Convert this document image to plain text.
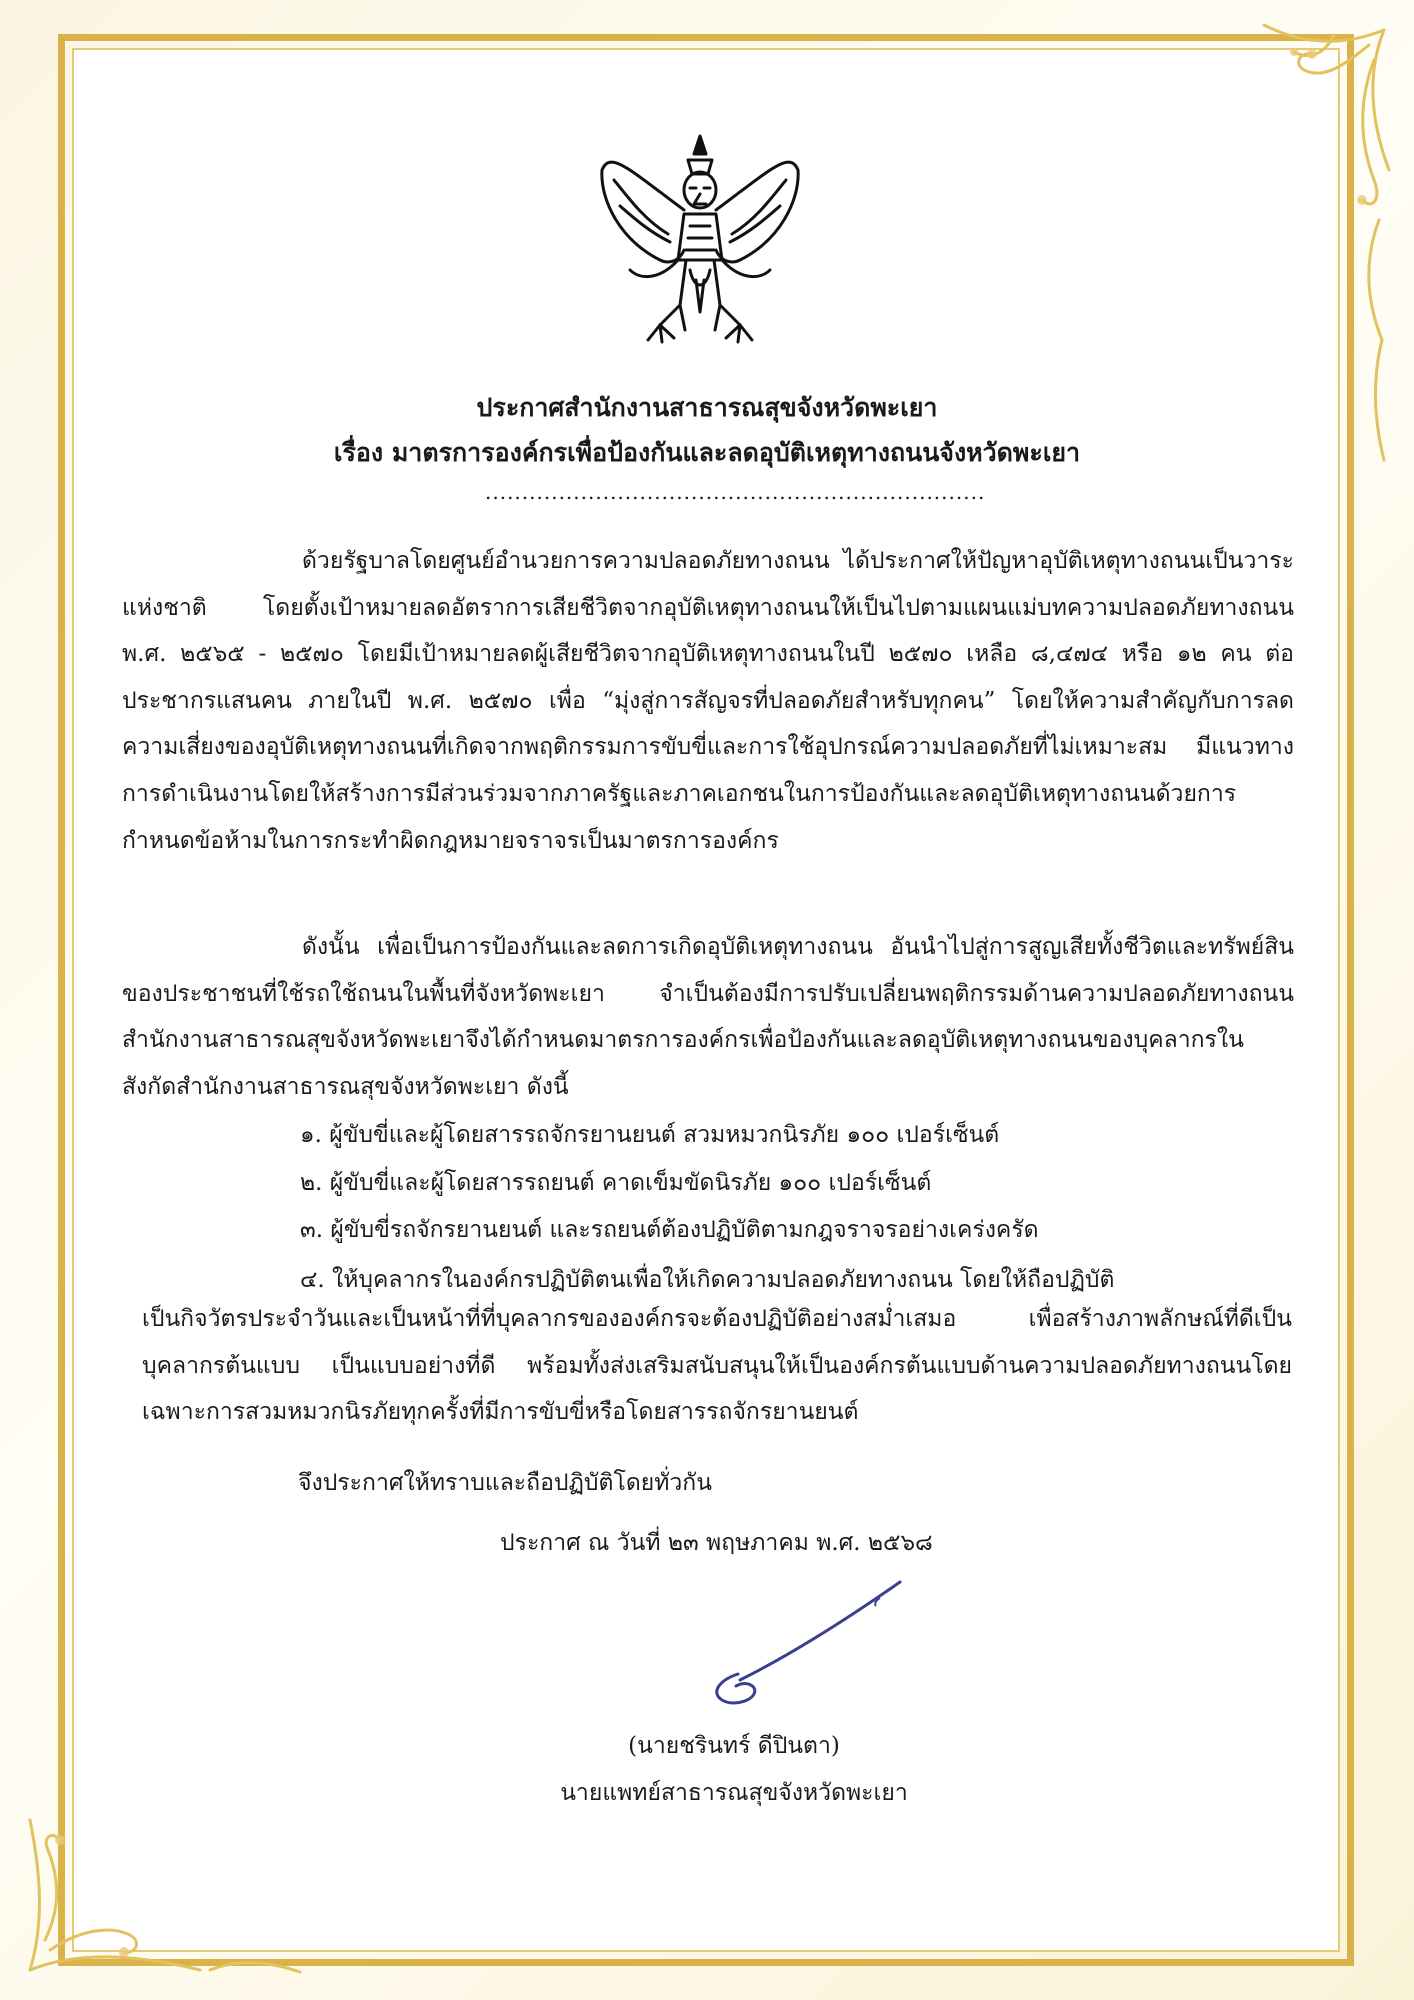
ประกาศสำนักงานสาธารณสุขจังหวัดพะเยา
เรื่อง มาตรการองค์กรเพื่อป้องกันและลดอุบัติเหตุทางถนนจังหวัดพะเยา
....................................................................
ด้วยรัฐบาลโดยศูนย์อำนวยการความปลอดภัยทางถนน ได้ประกาศให้ปัญหาอุบัติเหตุทางถนนเป็นวาระแห่งชาติ โดยตั้งเป้าหมายลดอัตราการเสียชีวิตจากอุบัติเหตุทางถนนให้เป็นไปตามแผนแม่บทความปลอดภัยทางถนน พ.ศ. ๒๕๖๕ - ๒๕๗๐ โดยมีเป้าหมายลดผู้เสียชีวิตจากอุบัติเหตุทางถนนในปี ๒๕๗๐ เหลือ ๘,๔๗๔ หรือ ๑๒ คน ต่อประชากรแสนคน ภายในปี พ.ศ. ๒๕๗๐ เพื่อ “มุ่งสู่การสัญจรที่ปลอดภัยสำหรับทุกคน” โดยให้ความสำคัญกับการลดความเสี่ยงของอุบัติเหตุทางถนนที่เกิดจากพฤติกรรมการขับขี่และการใช้อุปกรณ์ความปลอดภัยที่ไม่เหมาะสม มีแนวทางการดำเนินงานโดยให้สร้างการมีส่วนร่วมจากภาครัฐและภาคเอกชนในการป้องกันและลดอุบัติเหตุทางถนนด้วยการกำหนดข้อห้ามในการกระทำผิดกฎหมายจราจรเป็นมาตรการองค์กร
ดังนั้น เพื่อเป็นการป้องกันและลดการเกิดอุบัติเหตุทางถนน อันนำไปสู่การสูญเสียทั้งชีวิตและทรัพย์สินของประชาชนที่ใช้รถใช้ถนนในพื้นที่จังหวัดพะเยา จำเป็นต้องมีการปรับเปลี่ยนพฤติกรรมด้านความปลอดภัยทางถนน สำนักงานสาธารณสุขจังหวัดพะเยาจึงได้กำหนดมาตรการองค์กรเพื่อป้องกันและลดอุบัติเหตุทางถนนของบุคลากรในสังกัดสำนักงานสาธารณสุขจังหวัดพะเยา ดังนี้
๑. ผู้ขับขี่และผู้โดยสารรถจักรยานยนต์ สวมหมวกนิรภัย ๑๐๐ เปอร์เซ็นต์
๒. ผู้ขับขี่และผู้โดยสารรถยนต์ คาดเข็มขัดนิรภัย ๑๐๐ เปอร์เซ็นต์
๓. ผู้ขับขี่รถจักรยานยนต์ และรถยนต์ต้องปฏิบัติตามกฎจราจรอย่างเคร่งครัด
๔. ให้บุคลากรในองค์กรปฏิบัติตนเพื่อให้เกิดความปลอดภัยทางถนน โดยให้ถือปฏิบัติ
เป็นกิจวัตรประจำวันและเป็นหน้าที่ที่บุคลากรขององค์กรจะต้องปฏิบัติอย่างสม่ำเสมอ เพื่อสร้างภาพลักษณ์ที่ดีเป็นบุคลากรต้นแบบ เป็นแบบอย่างที่ดี พร้อมทั้งส่งเสริมสนับสนุนให้เป็นองค์กรต้นแบบด้านความปลอดภัยทางถนนโดยเฉพาะการสวมหมวกนิรภัยทุกครั้งที่มีการขับขี่หรือโดยสารรถจักรยานยนต์
จึงประกาศให้ทราบและถือปฏิบัติโดยทั่วกัน
ประกาศ ณ วันที่ ๒๓ พฤษภาคม พ.ศ. ๒๕๖๘
(นายชรินทร์ ดีปินตา)
นายแพทย์สาธารณสุขจังหวัดพะเยา
